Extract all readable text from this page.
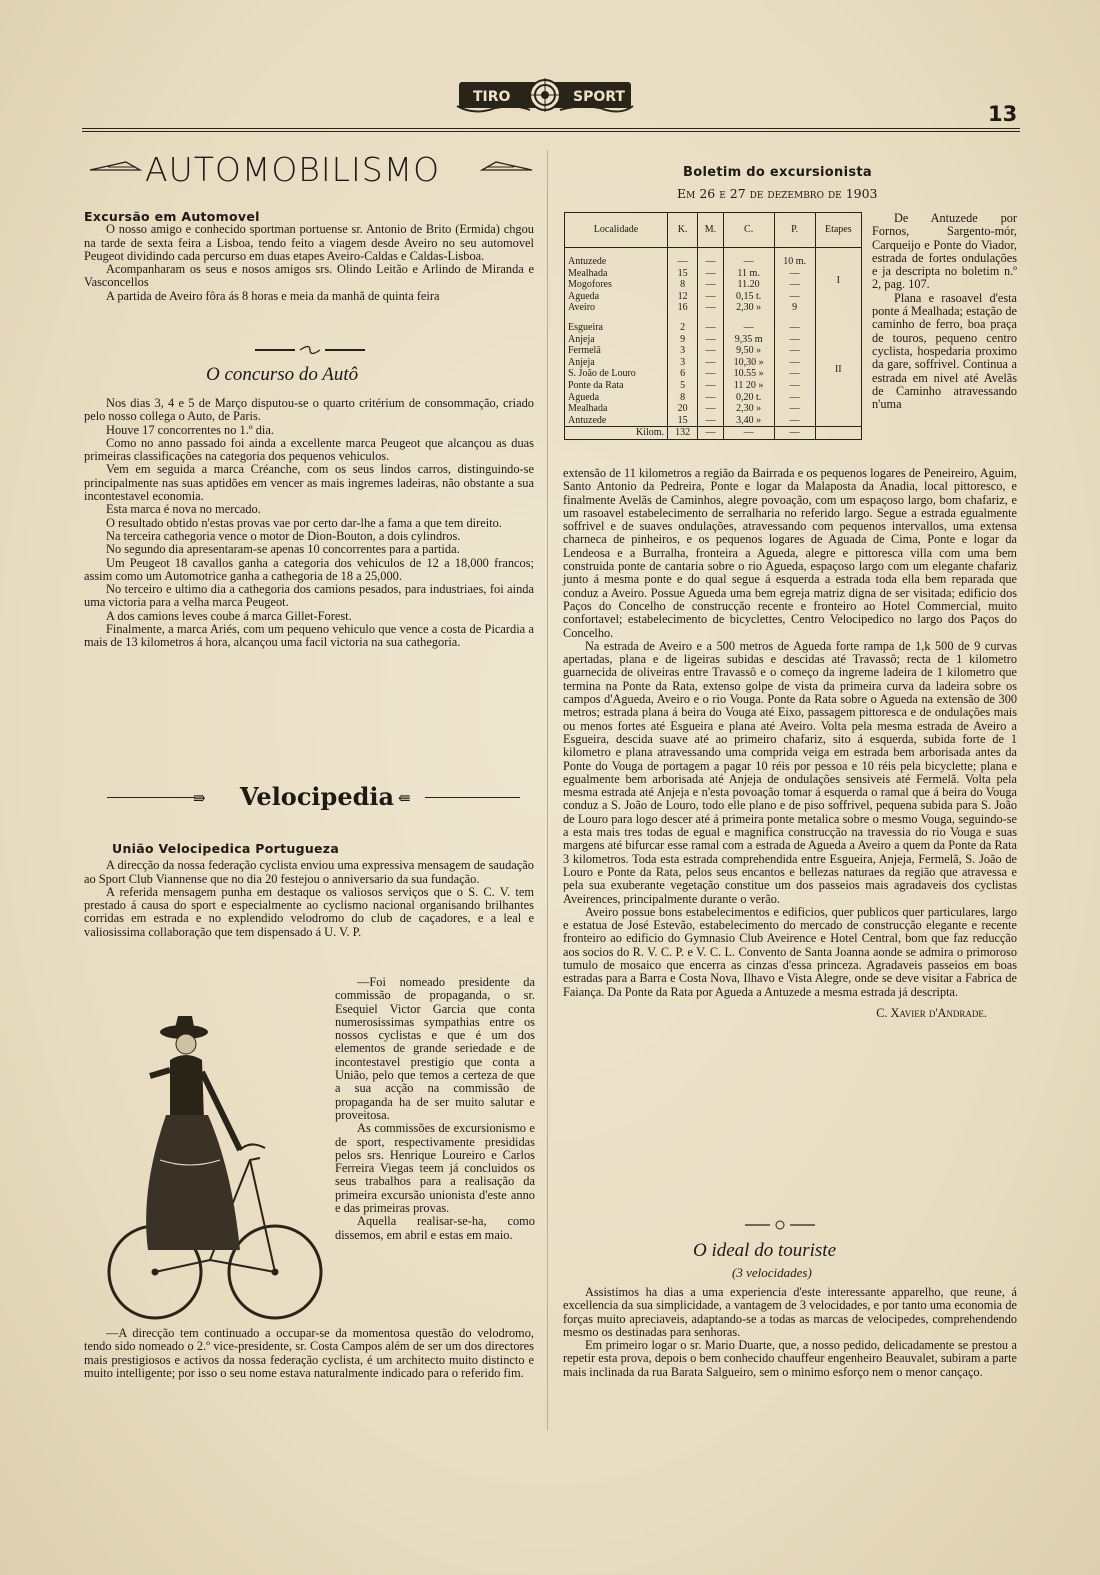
TIRO	SPORT
13
AUTOMOBILISMO
Excursão em Automovel

O nosso amigo e conhecido sportman portuense sr. Antonio de Brito (Ermida) chgou na tarde de sexta feira a Lisboa, tendo feito a viagem desde Aveiro no seu automovel Peugeot dividindo cada percurso em duas etapes Aveiro-Caldas e Caldas-Lisboa.

Acompanharam os seus e nosos amigos srs. Olindo Leitão e Arlindo de Miranda e Vasconcellos

A partida de Aveiro fôra ás 8 horas e meia da manhã de quinta feira

O concurso do Autô

Nos dias 3, 4 e 5 de Março disputou-se o quarto critérium de consommação, criado pelo nosso collega o Auto, de Paris.

Houve 17 concorrentes no 1.º dia.

Como no anno passado foi ainda a excellente marca Peugeot que alcançou as duas primeiras classificações na categoria dos pequenos vehiculos.

Vem em seguida a marca Créanche, com os seus lindos carros, distinguindo-se principalmente nas suas aptidões em vencer as mais ingremes ladeiras, não obstante a sua incontestavel economia.

Esta marca é nova no mercado.

O resultado obtido n'estas provas vae por certo dar-lhe a fama a que tem direito.

Na terceira cathegoria vence o motor de Dion-Bouton, a dois cylindros.

No segundo dia apresentaram-se apenas 10 concorrentes para a partida.

Um Peugeot 18 cavallos ganha a categoria dos vehiculos de 12 a 18,000 francos; assim como um Automotrice ganha a cathegoria de 18 a 25,000.

No terceiro e ultimo dia a cathegoria dos camions pesados, para industriaes, foi ainda uma victoria para a velha marca Peugeot.

A dos camions leves coube á marca Gillet-Forest.

Finalmente, a marca Ariés, com um pequeno vehiculo que vence a costa de Picardia a mais de 13 kilometros á hora, alcançou uma facil victoria na sua cathegoria.

⇛ Velocipedia ⇚
União Velocipedica Portugueza

A direcção da nossa federação cyclista enviou uma expressiva mensagem de saudação ao Sport Club Viannense que no dia 20 festejou o anniversario da sua fundação.

A referida mensagem punha em destaque os valiosos serviços que o S. C. V. tem prestado á causa do sport e especialmente ao cyclismo nacional organisando brilhantes corridas em estrada e no explendido velodromo do club de caçadores, e a leal e valiosissima collaboração que tem dispensado á U. V. P.

—Foi nomeado presidente da commissão de propaganda, o sr. Esequiel Victor Garcia que conta numerosissimas sympathias entre os nossos cyclistas e que é um dos elementos de grande seriedade e de incontestavel prestigio que conta a União, pelo que temos a certeza de que a sua acção na commissão de propaganda ha de ser muito salutar e proveitosa.

As commissões de excursionismo e de sport, respectivamente presididas pelos srs. Henrique Loureiro e Carlos Ferreira Viegas teem já concluidos os seus trabalhos para a realisação da primeira excursão unionista d'este anno e das primeiras provas.

Aquella realisar-se-ha, como dissemos, em abril e estas em maio.

—A direcção tem continuado a occupar-se da momentosa questão do velodromo, tendo sido nomeado o 2.º vice-presidente, sr. Costa Campos além de ser um dos directores mais prestigiosos e activos da nossa federação cyclista, é um architecto muito distincto e muito intelligente; por isso o seu nome estava naturalmente indicado para o referido fim.

Boletim do excursionista
Em 26 e 27 de dezembro de 1903
Localidade	K.	M.	C.	P.	Etapes
Antuzede	—	—	—	10 m.	I
Mealhada	15	—	11 m.	—	
Mogofores	8	—	11.20	—	
Agueda	12	—	0,15 t.	—	
Aveiro	16	—	2,30 »	9	
Esgueira	2	—	—	—	II
Anjeja	9	—	9,35 m	—	
Fermelã	3	—	9,50 »	—	
Anjeja	3	—	10,30 »	—	
S. João de Louro	6	—	10.55 »	—	
Ponte da Rata	5	—	11 20 »	—	
Agueda	8	—	0,20 t.	—	
Mealhada	20	—	2,30 »	—	
Antuzede	15	—	3,40 »	—	
Kilom.	132	—	—	—	

De Antuzede por Fornos, Sargento-mór, Carqueijo e Ponte do Viador, estrada de fortes ondulações e ja descripta no boletim n.º 2, pag. 107.

Plana e rasoavel d'esta ponte á Mealhada; estação de caminho de ferro, boa praça de touros, pequeno centro cyclista, hospedaria proximo da gare, soffrivel. Continua a estrada em nivel até Avelãs de Caminho atravessando n'uma

extensão de 11 kilometros a região da Bairrada e os pequenos logares de Peneireiro, Aguim, Santo Antonio da Pedreira, Ponte e logar da Malaposta da Anadia, local pittoresco, e finalmente Avelãs de Caminhos, alegre povoação, com um espaçoso largo, bom chafariz, e um rasoavel estabelecimento de serralharia no referido largo. Segue a estrada egualmente soffrivel e de suaves ondulações, atravessando com pequenos intervallos, uma extensa charneca de pinheiros, e os pequenos logares de Aguada de Cima, Ponte e logar da Lendeosa e a Burralha, fronteira a Agueda, alegre e pittoresca villa com uma bem construida ponte de cantaria sobre o rio Agueda, espaçoso largo com um elegante chafariz junto á mesma ponte e do qual segue á esquerda a estrada toda ella bem reparada que conduz a Aveiro. Possue Agueda uma bem egreja matriz digna de ser visitada; edificio dos Paços do Concelho de construcção recente e fronteiro ao Hotel Commercial, muito confortavel; estabelecimento de bicyclettes, Centro Velocipedico no largo dos Paços do Concelho.

Na estrada de Aveiro e a 500 metros de Agueda forte rampa de 1,k 500 de 9 curvas apertadas, plana e de ligeiras subidas e descidas até Travassô; recta de 1 kilometro guarnecida de oliveiras entre Travassô e o começo da ingreme ladeira de 1 kilometro que termina na Ponte da Rata, extenso golpe de vista da primeira curva da ladeira sobre os campos d'Agueda, Aveiro e o rio Vouga. Ponte da Rata sobre o Agueda na extensão de 300 metros; estrada plana á beira do Vouga até Eixo, passagem pittoresca e de ondulações mais ou menos fortes até Esgueira e plana até Aveiro. Volta pela mesma estrada de Aveiro a Esgueira, descida suave até ao primeiro chafariz, sito á esquerda, subida forte de 1 kilometro e plana atravessando uma comprida veiga em estrada bem arborisada antes da Ponte do Vouga de portagem a pagar 10 réis por pessoa e 10 réis pela bicyclette; plana e egualmente bem arborisada até Anjeja de ondulações sensiveis até Fermelã. Volta pela mesma estrada até Anjeja e n'esta povoação tomar á esquerda o ramal que á beira do Vouga conduz a S. João de Louro, todo elle plano e de piso soffrivel, pequena subida para S. João de Louro para logo descer até á primeira ponte metalica sobre o mesmo Vouga, seguindo-se a esta mais tres todas de egual e magnifica construcção na travessia do rio Vouga e suas margens até bifurcar esse ramal com a estrada de Agueda a Aveiro a quem da Ponte da Rata 3 kilometros. Toda esta estrada comprehendida entre Esgueira, Anjeja, Fermelã, S. João de Louro e Ponte da Rata, pelos seus encantos e bellezas naturaes da região que atravessa e pela sua exuberante vegetação constitue um dos passeios mais agradaveis dos cyclistas Aveirences, principalmente durante o verão.

Aveiro possue bons estabelecimentos e edificios, quer publicos quer particulares, largo e estatua de José Estevão, estabelecimento do mercado de construcção elegante e recente fronteiro ao edificio do Gymnasio Club Aveirence e Hotel Central, bom que faz reducção aos socios do R. V. C. P. e V. C. L. Convento de Santa Joanna aonde se admira o primoroso tumulo de mosaico que encerra as cinzas d'essa princeza. Agradaveis passeios em boas estradas para a Barra e Costa Nova, Ilhavo e Vista Alegre, onde se deve visitar a Fabrica de Faiança. Da Ponte da Rata por Agueda a Antuzede a mesma estrada já descripta.

C. Xavier d'Andrade.
O ideal do touriste
(3 velocidades)

Assistimos ha dias a uma experiencia d'este interessante apparelho, que reune, á excellencia da sua simplicidade, a vantagem de 3 velocidades, e por tanto uma economia de forças muito apreciaveis, adaptando-se a todas as marcas de velocipedes, comprehendendo mesmo os destinadas para senhoras.

Em primeiro logar o sr. Mario Duarte, que, a nosso pedido, delicadamente se prestou a repetir esta prova, depois o bem conhecido chauffeur engenheiro Beauvalet, subiram a parte mais inclinada da rua Barata Salgueiro, sem o minimo esforço nem o menor cançaço.
